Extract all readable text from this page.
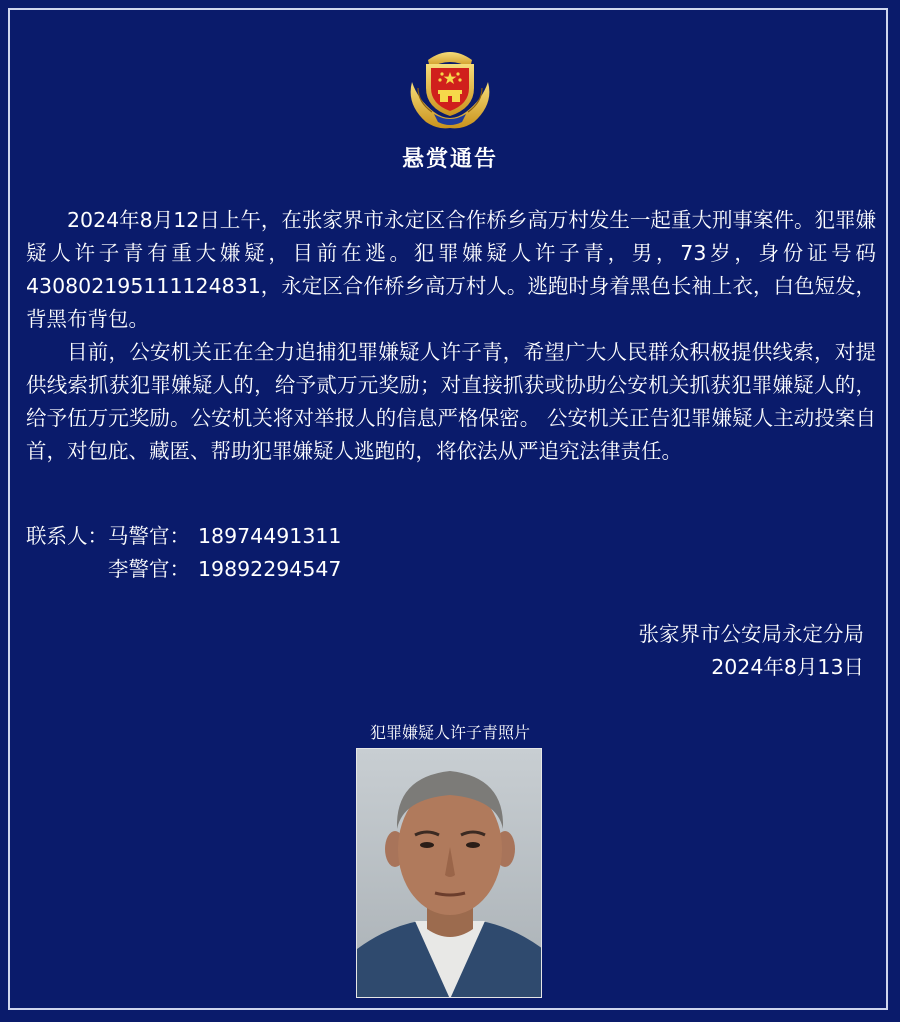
悬赏通告

2024年8月12日上午，在张家界市永定区合作桥乡高万村发生一起重大刑事案件。犯罪嫌疑人许子青有重大嫌疑，目前在逃。犯罪嫌疑人许子青，男，73岁，身份证号码430802195111124831，永定区合作桥乡高万村人。逃跑时身着黑色长袖上衣，白色短发，背黑布背包。

目前，公安机关正在全力追捕犯罪嫌疑人许子青，希望广大人民群众积极提供线索，对提供线索抓获犯罪嫌疑人的，给予贰万元奖励；对直接抓获或协助公安机关抓获犯罪嫌疑人的，给予伍万元奖励。公安机关将对举报人的信息严格保密。 公安机关正告犯罪嫌疑人主动投案自首，对包庇、藏匿、帮助犯罪嫌疑人逃跑的，将依法从严追究法律责任。

联系人：马警官： 18974491311
李警官： 19892294547
张家界市公安局永定分局
2024年8月13日
犯罪嫌疑人许子青照片
